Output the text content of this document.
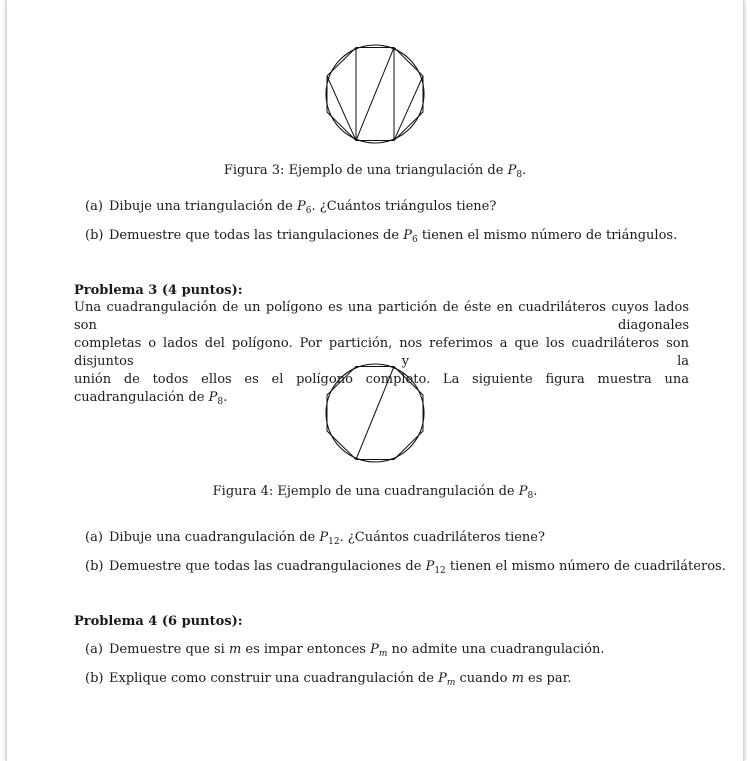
Figura 3: Ejemplo de una triangulación de $P_8$.
(a) Dibuje una triangulación de $P_6$. ¿Cuántos triángulos tiene?
(b) Demuestre que todas las triangulaciones de $P_6$ tienen el mismo número de triángulos.
Problema 3 (4 puntos):
Una cuadrangulación de un polígono es una partición de éste en cuadriláteros cuyos lados son diagonales
completas o lados del polígono. Por partición, nos referimos a que los cuadriláteros son disjuntos y la
unión de todos ellos es el polígono completo. La siguiente figura muestra una cuadrangulación de $P_8$.
Figura 4: Ejemplo de una cuadrangulación de $P_8$.
(a) Dibuje una cuadrangulación de $P_{12}$. ¿Cuántos cuadriláteros tiene?
(b) Demuestre que todas las cuadrangulaciones de $P_{12}$ tienen el mismo número de cuadriláteros.
Problema 4 (6 puntos):
(a) Demuestre que si m es impar entonces $P_m$ no admite una cuadrangulación.
(b) Explique como construir una cuadrangulación de $P_m$ cuando m es par.
